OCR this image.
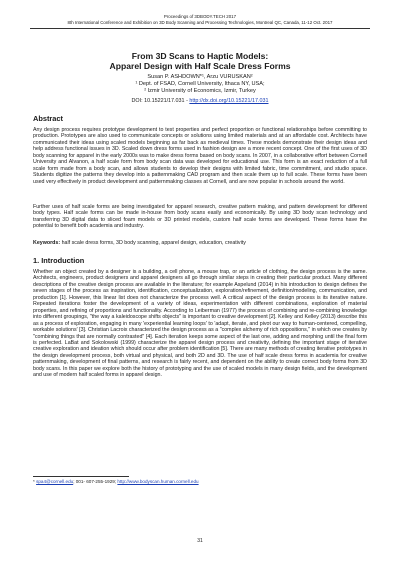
Proceedings of 3DBODY.TECH 2017
8th International Conference and Exhibition on 3D Body Scanning and Processing Technologies, Montreal QC, Canada, 11-12 Oct. 2017
From 3D Scans to Haptic Models:
Apparel Design with Half Scale Dress Forms
Susan P. ASHDOWN*¹, Arzu VURUSKAN²
¹ Dept. of FSAD, Cornell University, Ithaca NY, USA;
² Izmir University of Economics, Izmir, Turkey
DOI: 10.15221/17.031 - http://dx.doi.org/10.15221/17.031
Abstract
Any design process requires prototype development to test properties and perfect proportion or functional relationships before committing to production. Prototypes are also used to communicate concepts or solutions using limited materials and at an affordable cost. Architects have communicated their ideas using scaled models beginning as far back as medieval times. These models demonstrate their design ideas and help address functional issues in 3D. Scaled down dress forms used in fashion design are a more recent concept. One of the first uses of 3D body scanning for apparel in the early 2000s was to make dress forms based on body scans. In 2007, in a collaborative effort between Cornell University and Alvanon, a half scale form from body scan data was developed for educational use. This form is an exact reduction of a full scale form made from a body scan, and allows students to develop their designs with limited fabric, time commitment, and studio space. Students digitize the patterns they develop into a patternmaking CAD program and then scale them up to full scale. These forms have been used very effectively in product development and patternmaking classes at Cornell, and are now popular in schools around the world.
Further uses of half scale forms are being investigated for apparel research, creative pattern making, and pattern development for different body types. Half scale forms can be made in-house from body scans easily and economically. By using 3D body scan technology and transferring 3D digital data to sliced foam models or 3D printed models, custom half scale forms are developed. These forms have the potential to benefit both academia and industry.
Keywords: half scale dress forms, 3D body scanning, apparel design, education, creativity
1. Introduction
Whether an object created by a designer is a building, a cell phone, a mouse trap, or an article of clothing, the design process is the same. Architects, engineers, product designers and apparel designers all go through similar steps in creating their particular product. Many different descriptions of the creative design process are available in the literature; for example Aspelund (2014) in his introduction to design defines the seven stages of the process as inspiration, identification, conceptualization, exploration/refinement, definition/modeling, communication, and production [1]. However, this linear list does not characterize the process well. A critical aspect of the design process is its iterative nature. Repeated iterations foster the development of a variety of ideas, experimentation with different combinations, exploration of material properties, and refining of proportions and functionality. According to Leiberman (1977) the process of combining and re-combining knowledge into different groupings, "the way a kaleidoscope shifts objects" is important to creative development [2]. Kelley and Kelley (2013) describe this as a process of exploration, engaging in many 'experiential learning loops' to 'adapt, iterate, and pivot our way to human-centered, compelling, workable solutions' [3]. Christian Lacroix characterized the design process as a "complex alchemy of rich oppositions," in which one creates by "combining things that are normally contrasted" [4]. Each iteration keeps some aspect of the last one, adding and morphing until the final form is perfected. LaBat and Sokolowski (1999) characterize the apparel design process and creativity, defining the important stage of iterative creative exploration and ideation which should occur after problem identification [5]. There are many methods of creating iterative prototypes in the design development process, both virtual and physical, and both 2D and 3D. The use of half scale dress forms in academia for creative patternmaking, development of final patterns, and research is fairly recent, and dependent on the ability to create correct body forms from 3D body scans. In this paper we explore both the history of prototyping and the use of scaled models in many design fields, and the development and use of modern half scaled forms in apparel design.
* spa4@cornell.edu; 001- 607-255-1929; http://www.bodyscan.human.cornell.edu
31
